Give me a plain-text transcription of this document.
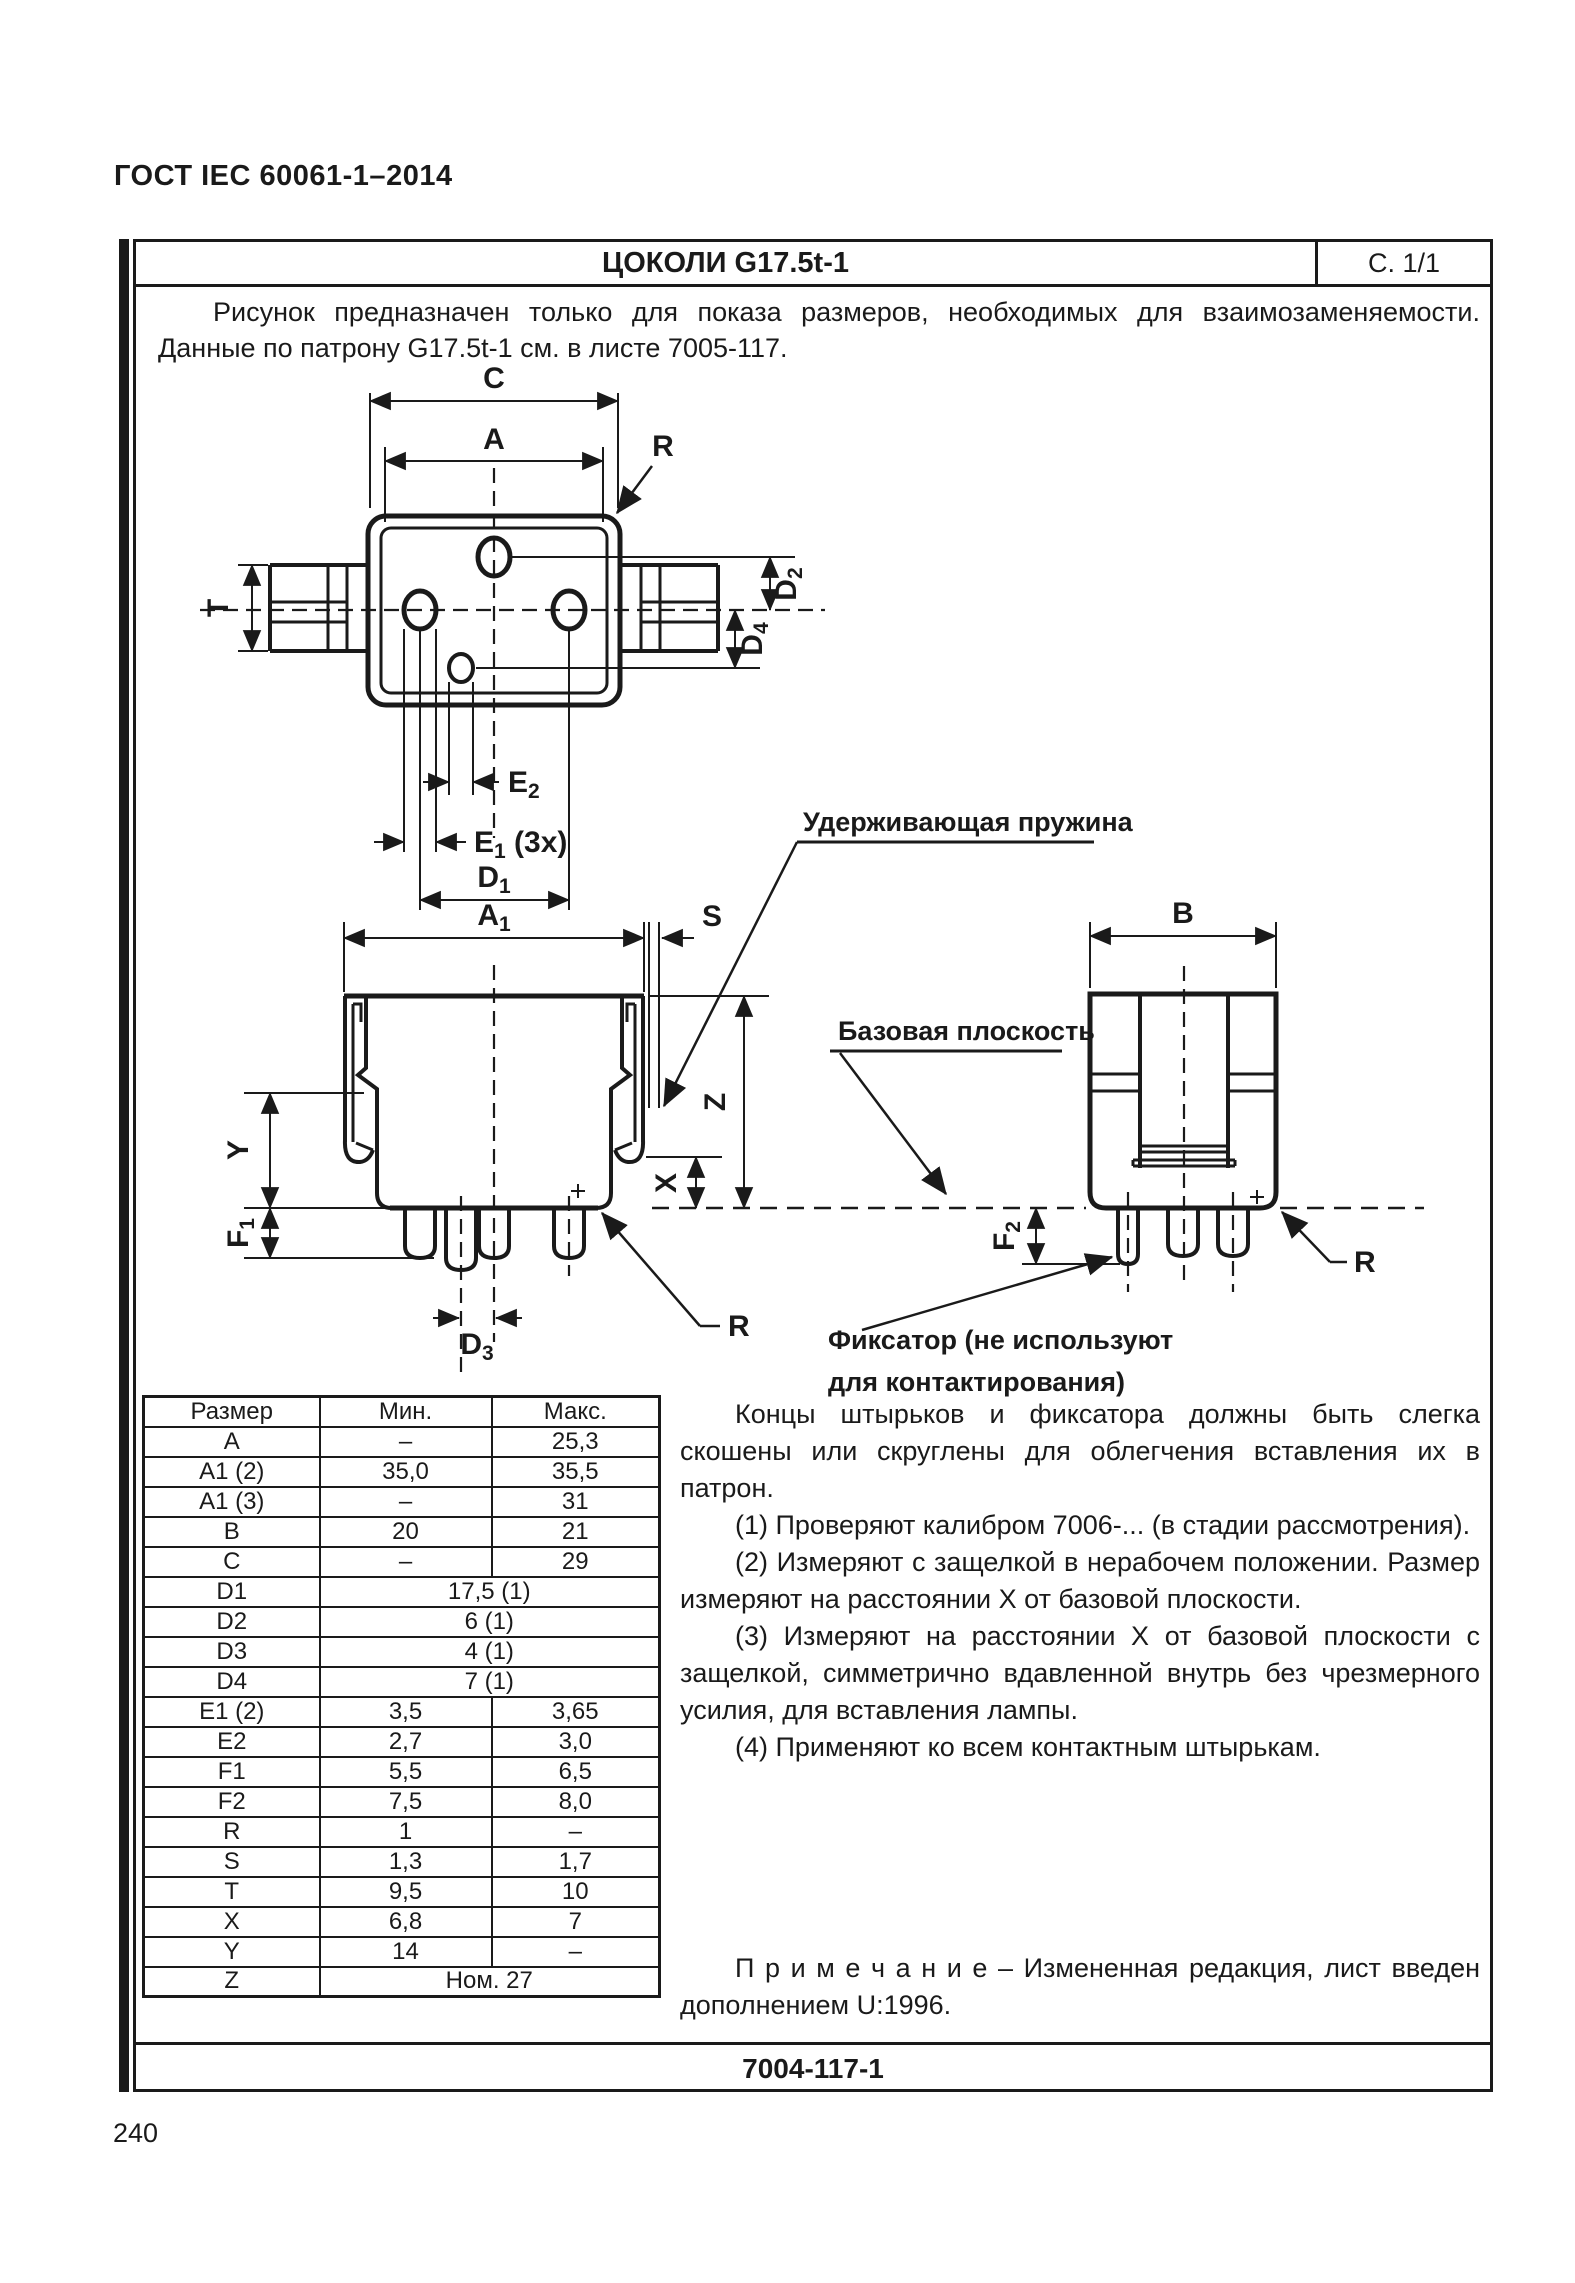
ГОСТ IEC 60061-1–2014
ЦОКОЛИ G17.5t-1	С. 1/1
Рисунок предназначен только для показа размеров, необходимых для взаимозаменяемости. Данные по патрону G17.5t-1 см. в листе 7005-117.
C
A	R
T
$D_2$
$D_4$
$E_2$
$E_1$ (3x)
$D_1$
$A_1$	S
$D_3$
Y
$F_1$
X
Z
R
B
$F_2$
R
Удерживающая пружина
Базовая плоскость
Фиксатор (не используют
для контактирования)
Размер	Мин.	Макс.
A	–	25,3
A1 (2)	35,0	35,5
A1 (3)	–	31
B	20	21
C	–	29
D1	17,5 (1)	
D2	6 (1)	
D3	4 (1)	
D4	7 (1)	
E1 (2)	3,5	3,65
E2	2,7	3,0
F1	5,5	6,5
F2	7,5	8,0
R	1	–
S	1,3	1,7
T	9,5	10
X	6,8	7
Y	14	–
Z	Ном. 27	

Концы штырьков и фиксатора должны быть слегка скошены или скруглены для облегчения вставления их в патрон.

(1) Проверяют калибром 7006-... (в стадии рассмотрения).

(2) Измеряют с защелкой в нерабочем положении. Размер измеряют на расстоянии X от базовой плоскости.

(3) Измеряют на расстоянии X от базовой плоскости с защелкой, симметрично вдавленной внутрь без чрезмерного усилия, для вставления лампы.

(4) Применяют ко всем контактным штырькам.

П р и м е ч а н и е – Измененная редакция, лист введен дополнением U:1996.
7004-117-1
240
